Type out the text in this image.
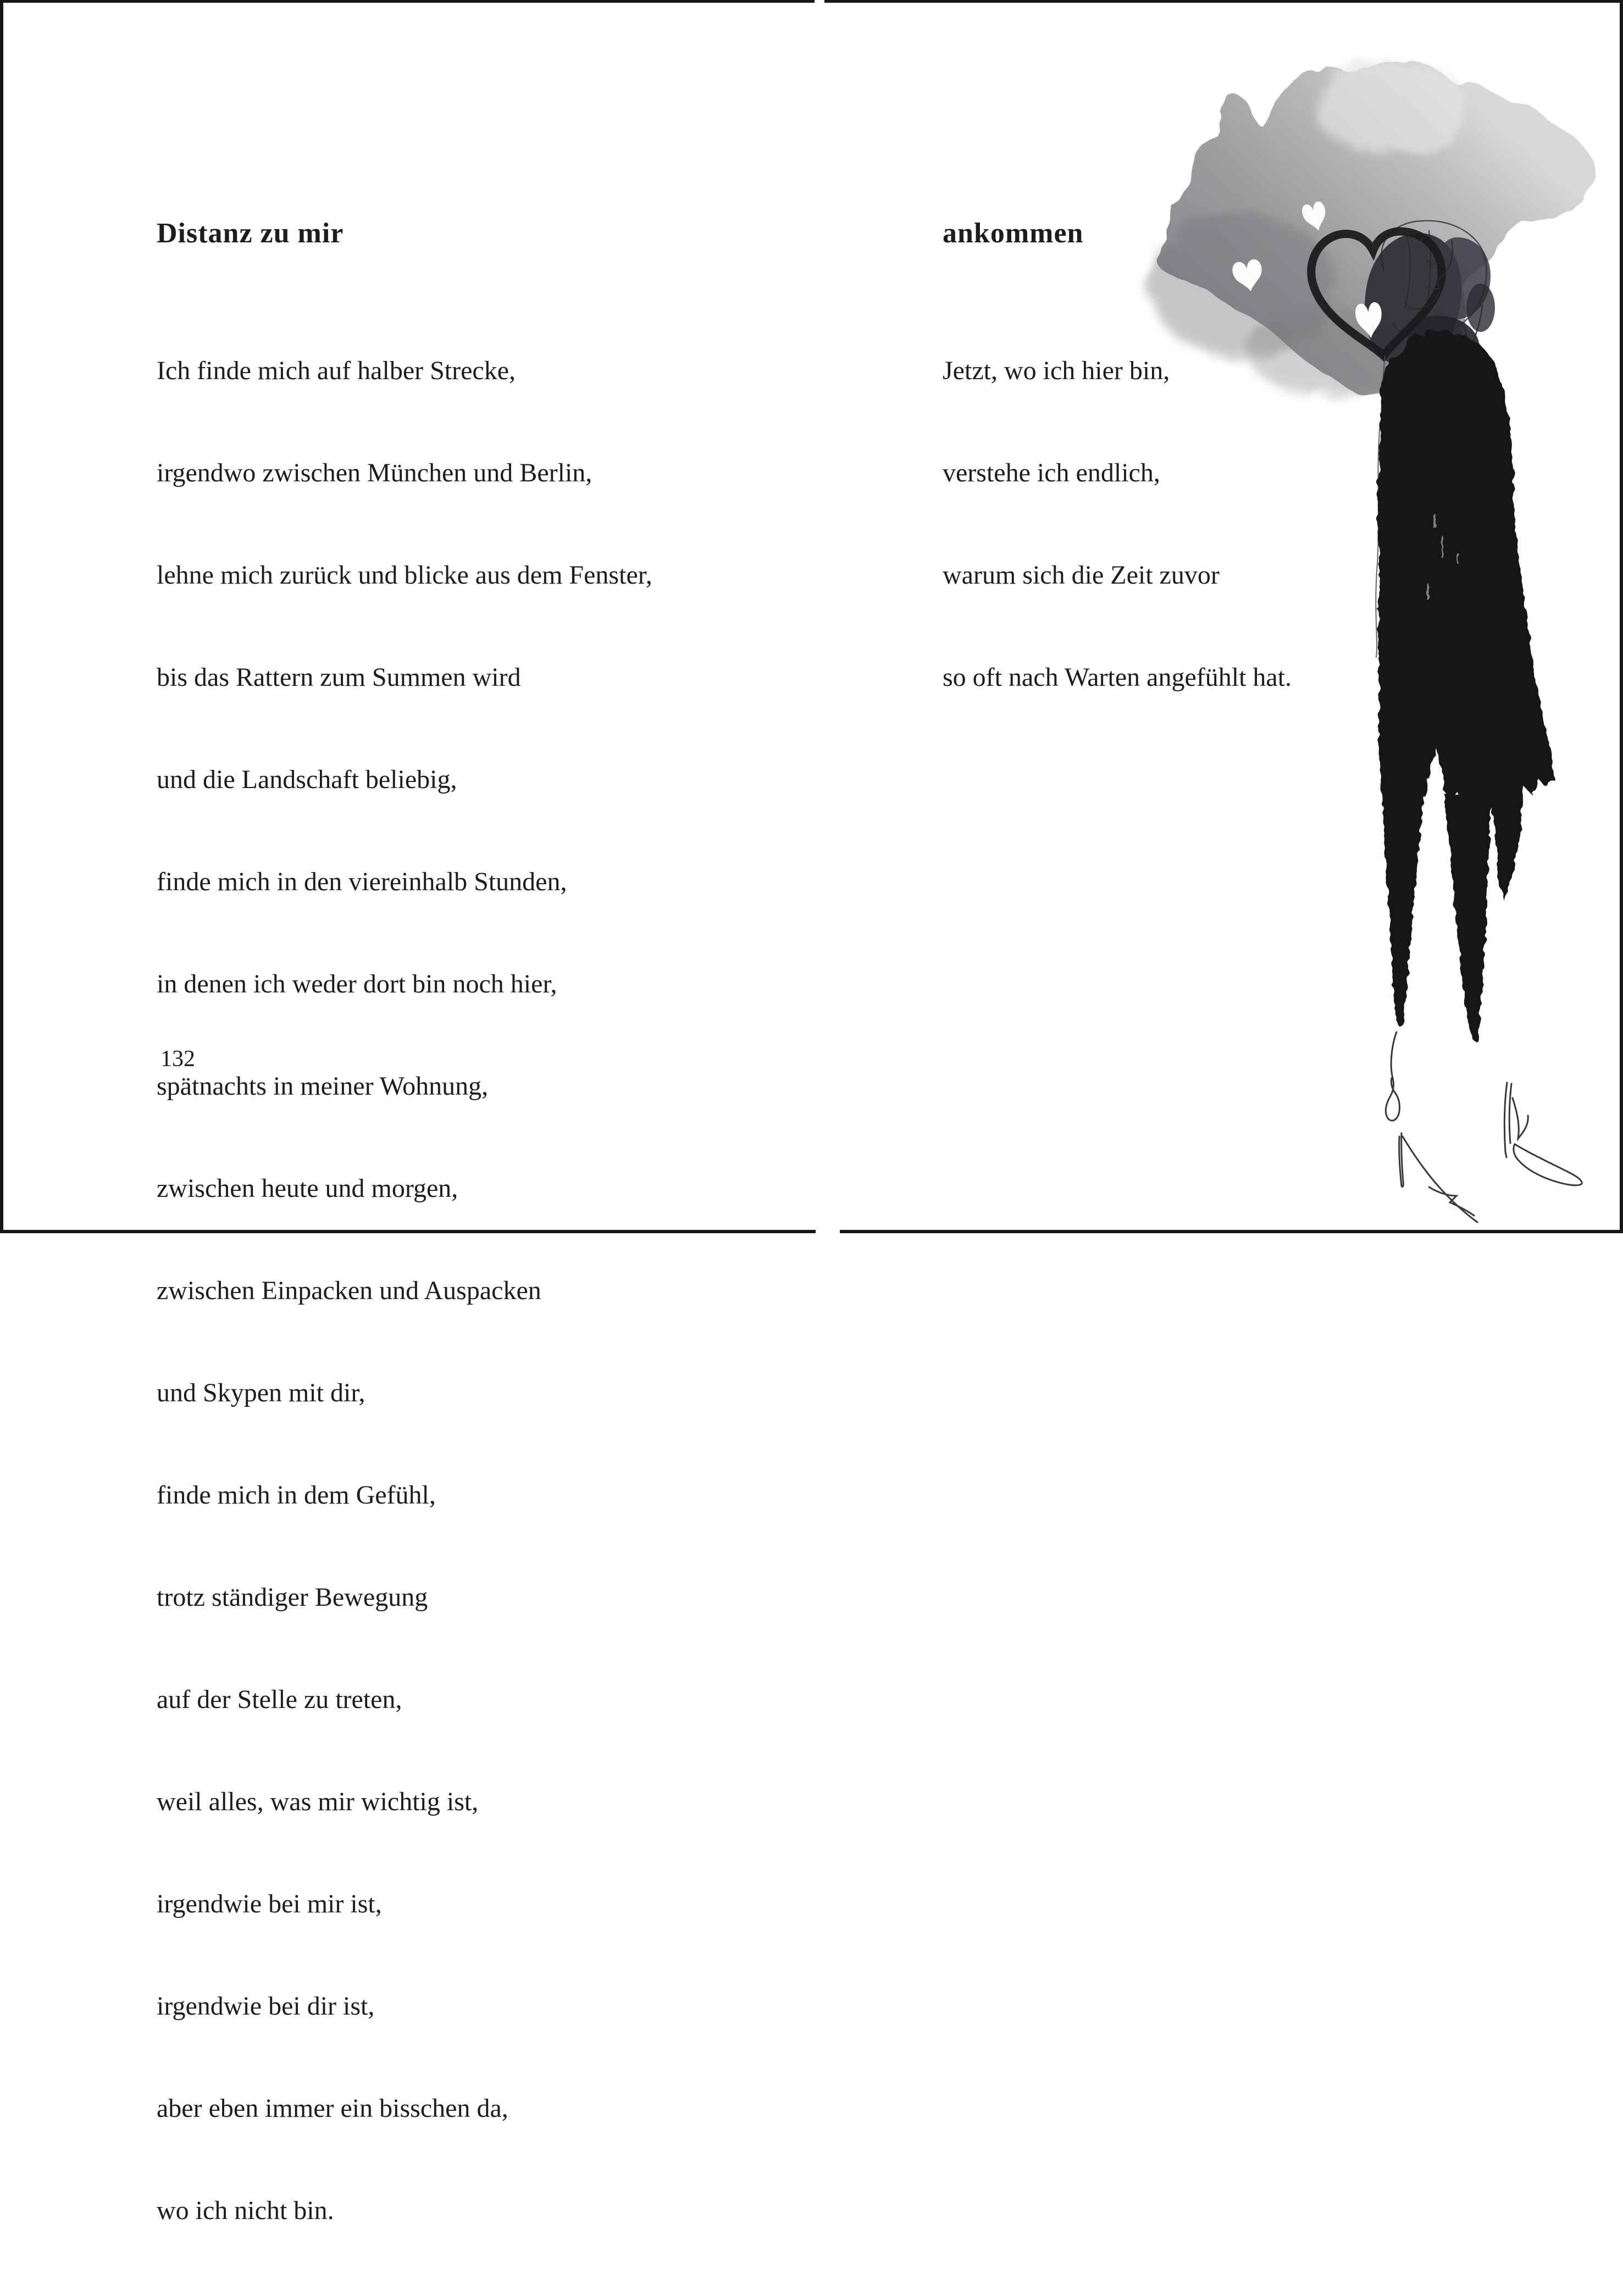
Distanz zu mir

Ich finde mich auf halber Strecke,

irgendwo zwischen München und Berlin,

lehne mich zurück und blicke aus dem Fenster,

bis das Rattern zum Summen wird

und die Landschaft beliebig,

finde mich in den viereinhalb Stunden,

in denen ich weder dort bin noch hier,

spätnachts in meiner Wohnung,

zwischen heute und morgen,

zwischen Einpacken und Auspacken

und Skypen mit dir,

finde mich in dem Gefühl,

trotz ständiger Bewegung

auf der Stelle zu treten,

weil alles, was mir wichtig ist,

irgendwie bei mir ist,

irgendwie bei dir ist,

aber eben immer ein bisschen da,

wo ich nicht bin.

132
ankommen

Jetzt, wo ich hier bin,

verstehe ich endlich,

warum sich die Zeit zuvor

so oft nach Warten angefühlt hat.
